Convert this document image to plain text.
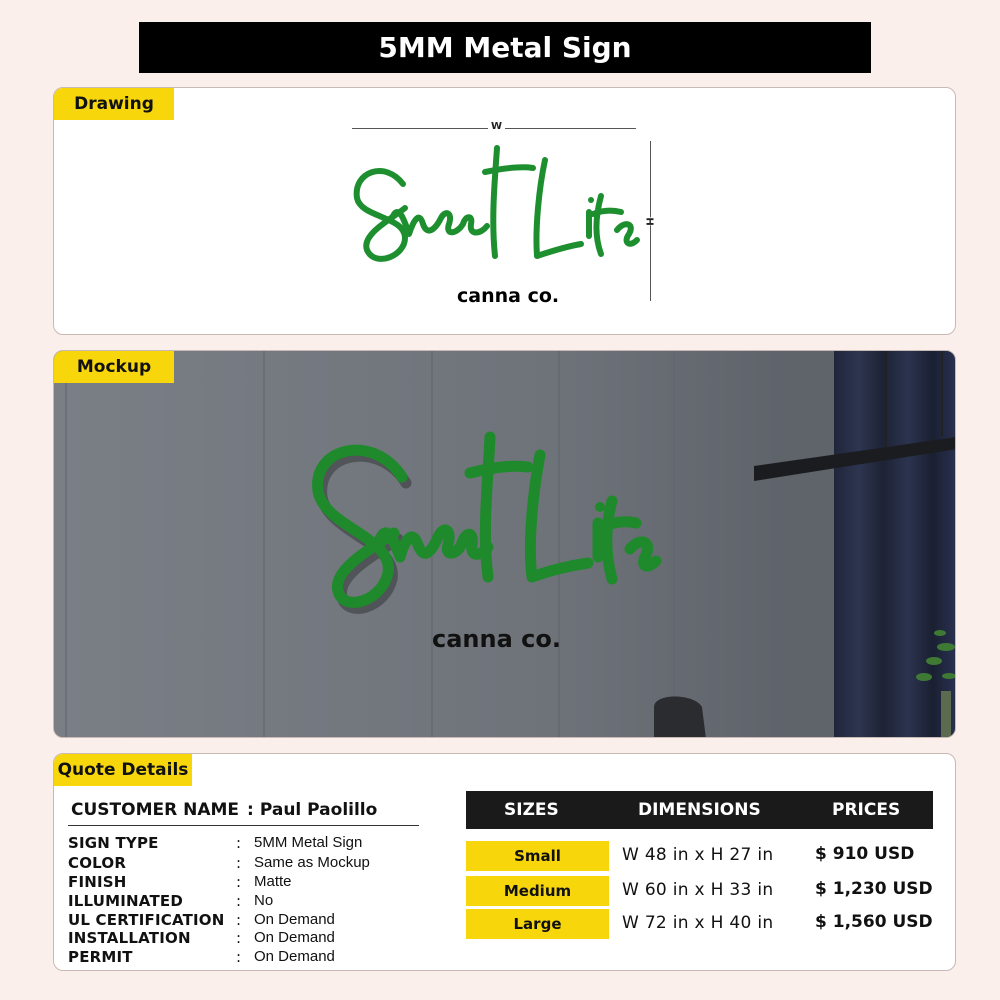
5MM Metal Sign
Drawing
W
H
canna co.
canna co.
Mockup
Quote Details
CUSTOMER NAME : Paul Paolillo
SIGN TYPE	: 5MM Metal Sign
COLOR	: Same as Mockup
FINISH	: Matte
ILLUMINATED	: No
UL CERTIFICATION : On Demand
INSTALLATION	: On Demand
PERMIT	: On Demand
SIZES	DIMENSIONS	PRICES
Small	W 48 in x H 27 in $ 910 USD
Medium	W 60 in x H 33 in $ 1,230 USD
Large	W 72 in x H 40 in $ 1,560 USD
